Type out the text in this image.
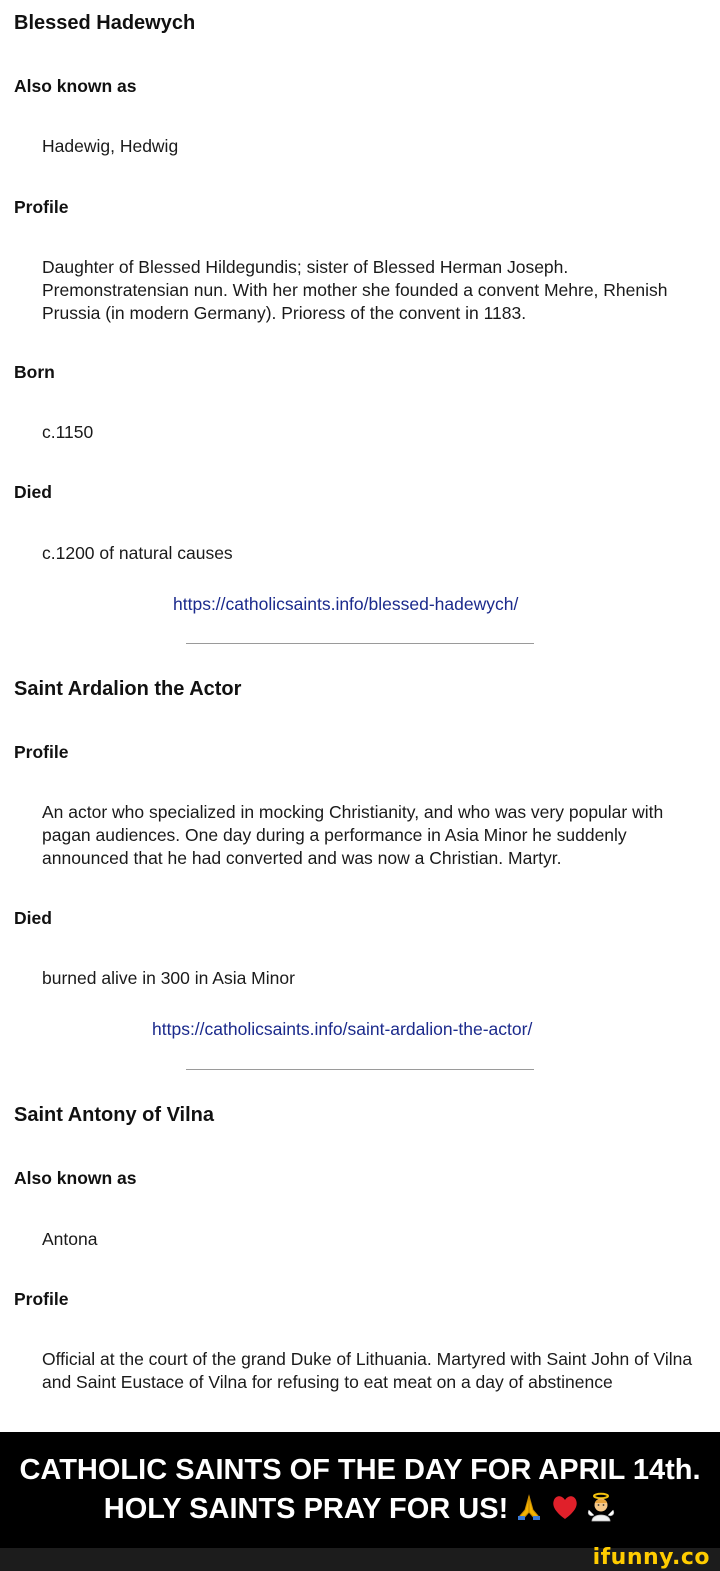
Blessed Hadewych
Also known as
Hadewig, Hedwig
Profile
Daughter of Blessed Hildegundis; sister of Blessed Herman Joseph. Premonstratensian nun. With her mother she founded a convent Mehre, Rhenish Prussia (in modern Germany). Prioress of the convent in 1183.
Born
c.1150
Died
c.1200 of natural causes
https://catholicsaints.info/blessed-hadewych/
Saint Ardalion the Actor
Profile
An actor who specialized in mocking Christianity, and who was very popular with pagan audiences. One day during a performance in Asia Minor he suddenly announced that he had converted and was now a Christian. Martyr.
Died
burned alive in 300 in Asia Minor
https://catholicsaints.info/saint-ardalion-the-actor/
Saint Antony of Vilna
Also known as
Antona
Profile
Official at the court of the grand Duke of Lithuania. Martyred with Saint John of Vilna and Saint Eustace of Vilna for refusing to eat meat on a day of abstinence
CATHOLIC SAINTS OF THE DAY FOR APRIL 14th.
HOLY SAINTS PRAY FOR US!
ifunny.co
